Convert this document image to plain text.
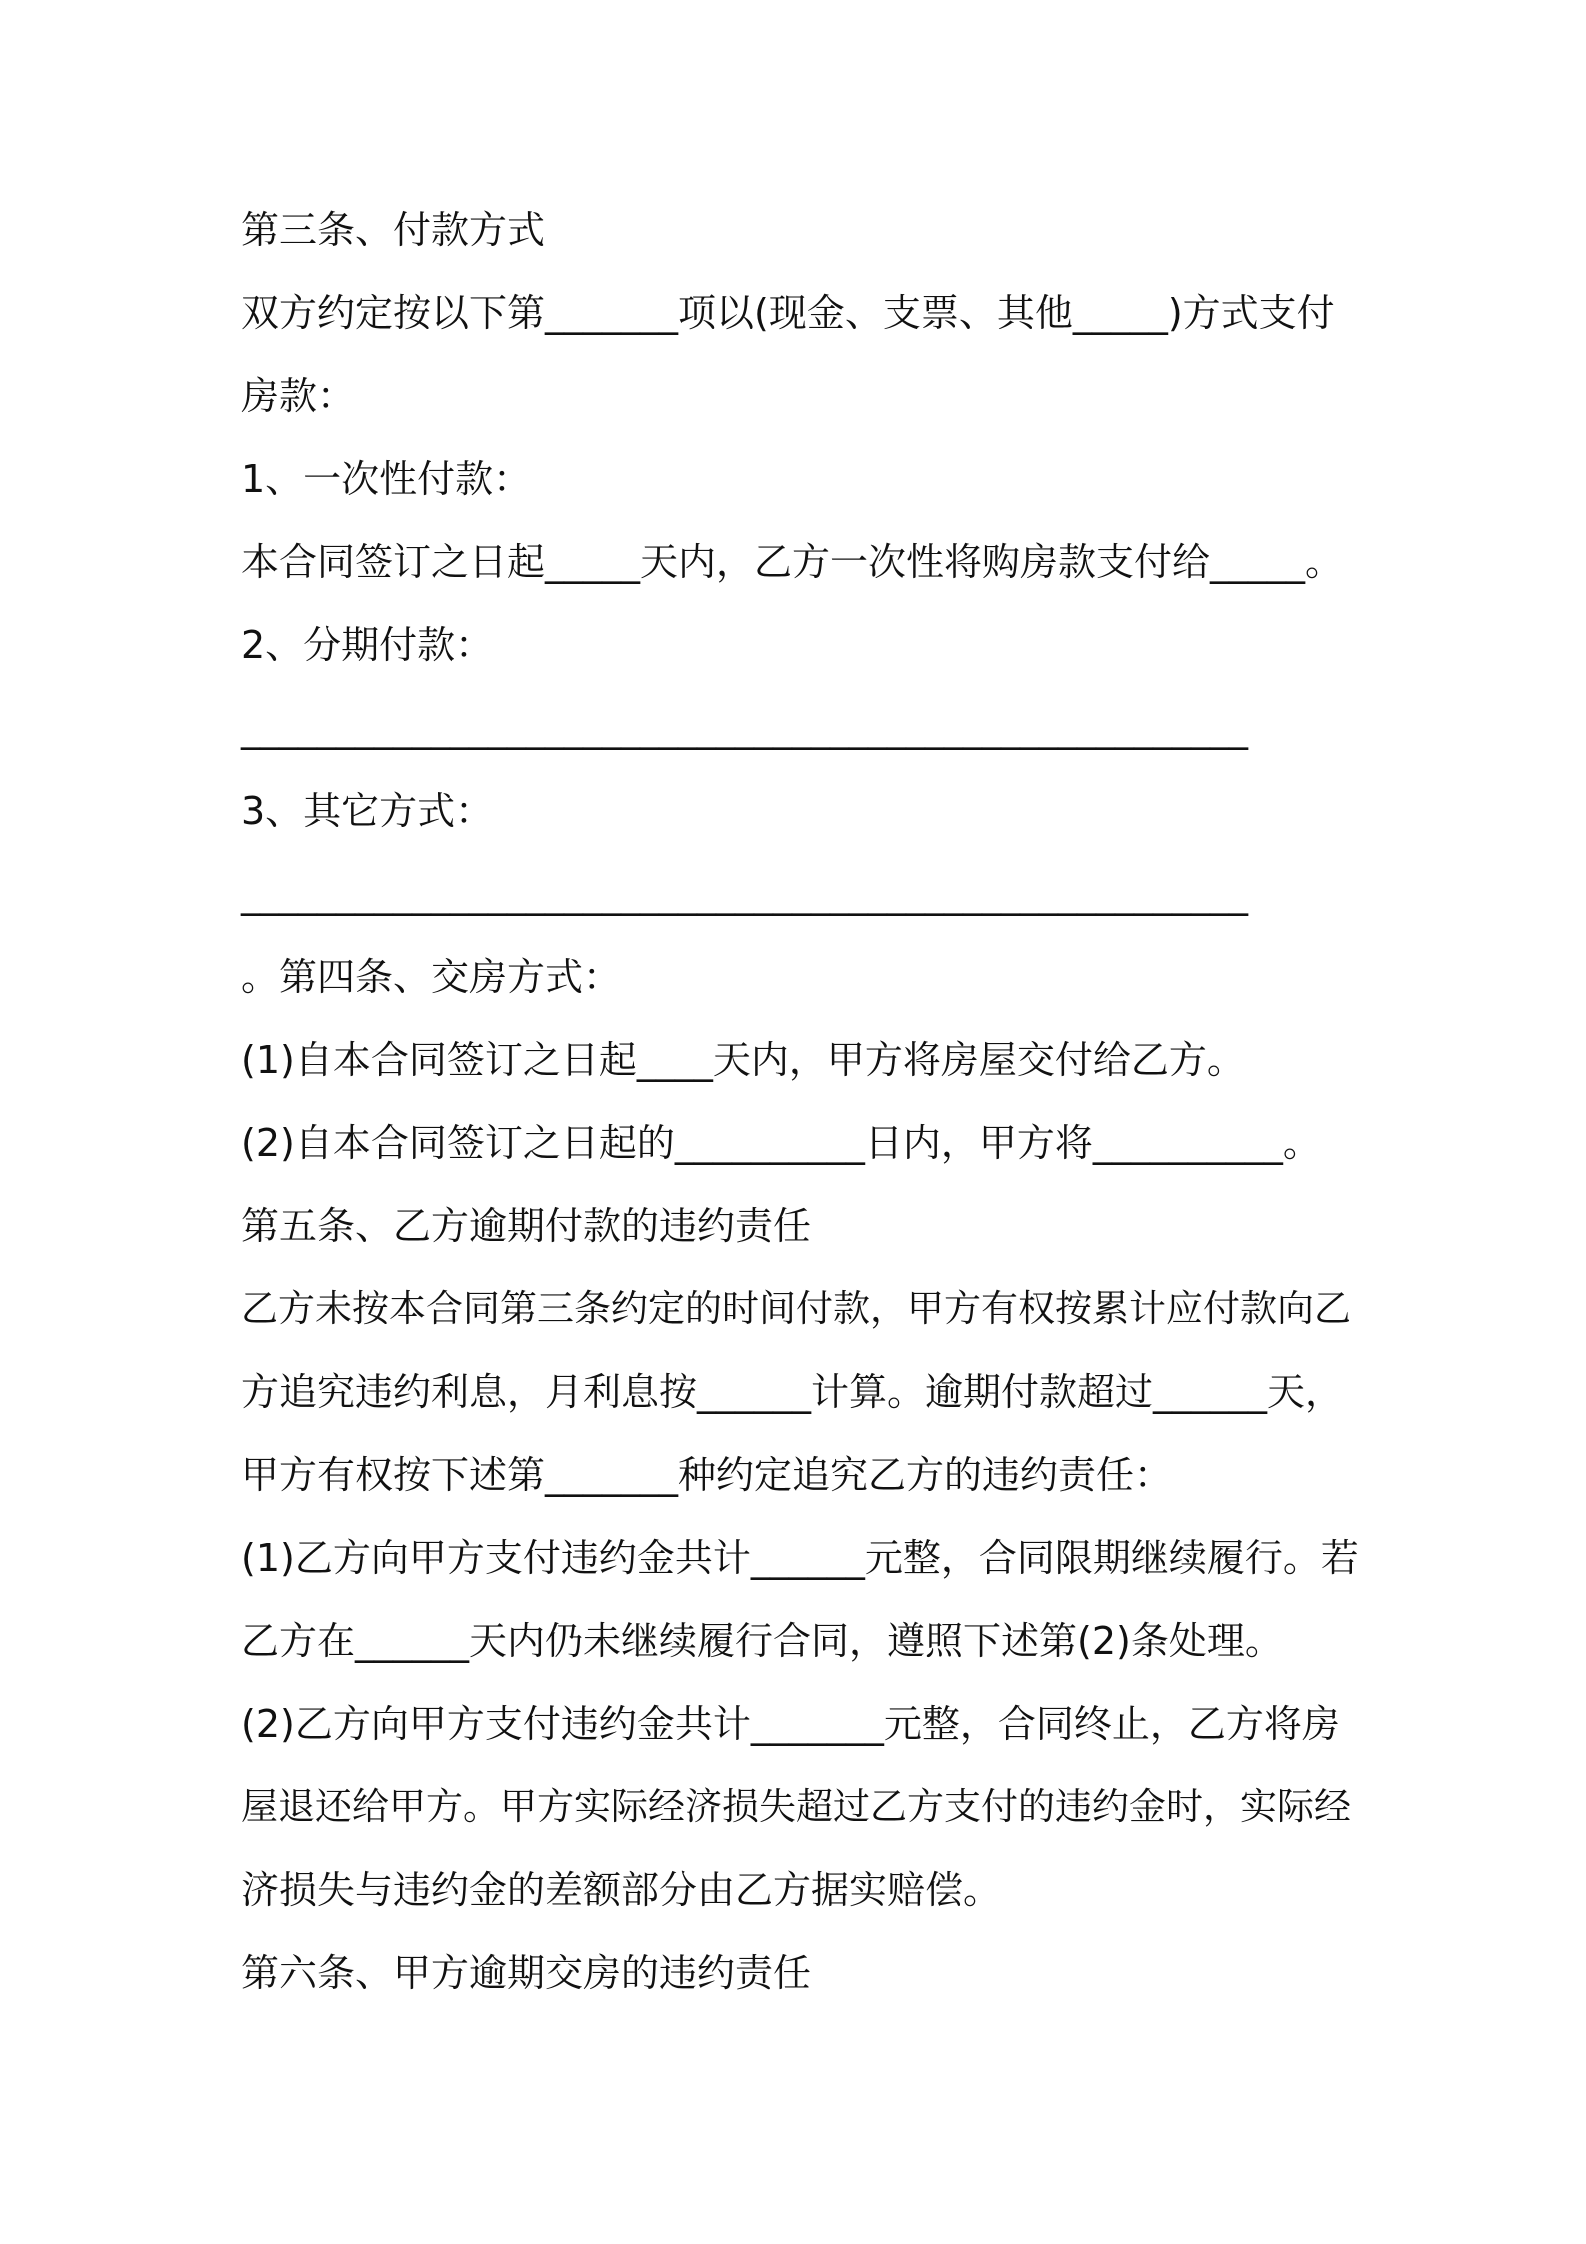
第三条、付款方式
双方约定按以下第_______项以(现金、支票、其他_____)方式支付
房款：
1、一次性付款：
本合同签订之日起_____天内，乙方一次性将购房款支付给_____。
2、分期付款：
_____________________________________________________
3、其它方式：
_____________________________________________________
。第四条、交房方式：
(1)自本合同签订之日起____天内，甲方将房屋交付给乙方。
(2)自本合同签订之日起的__________日内，甲方将__________。
第五条、乙方逾期付款的违约责任
乙方未按本合同第三条约定的时间付款，甲方有权按累计应付款向乙
方追究违约利息，月利息按______计算。逾期付款超过______天，
甲方有权按下述第_______种约定追究乙方的违约责任：
(1)乙方向甲方支付违约金共计______元整，合同限期继续履行。若
乙方在______天内仍未继续履行合同，遵照下述第(2)条处理。
(2)乙方向甲方支付违约金共计_______元整，合同终止，乙方将房
屋退还给甲方。甲方实际经济损失超过乙方支付的违约金时，实际经
济损失与违约金的差额部分由乙方据实赔偿。
第六条、甲方逾期交房的违约责任
